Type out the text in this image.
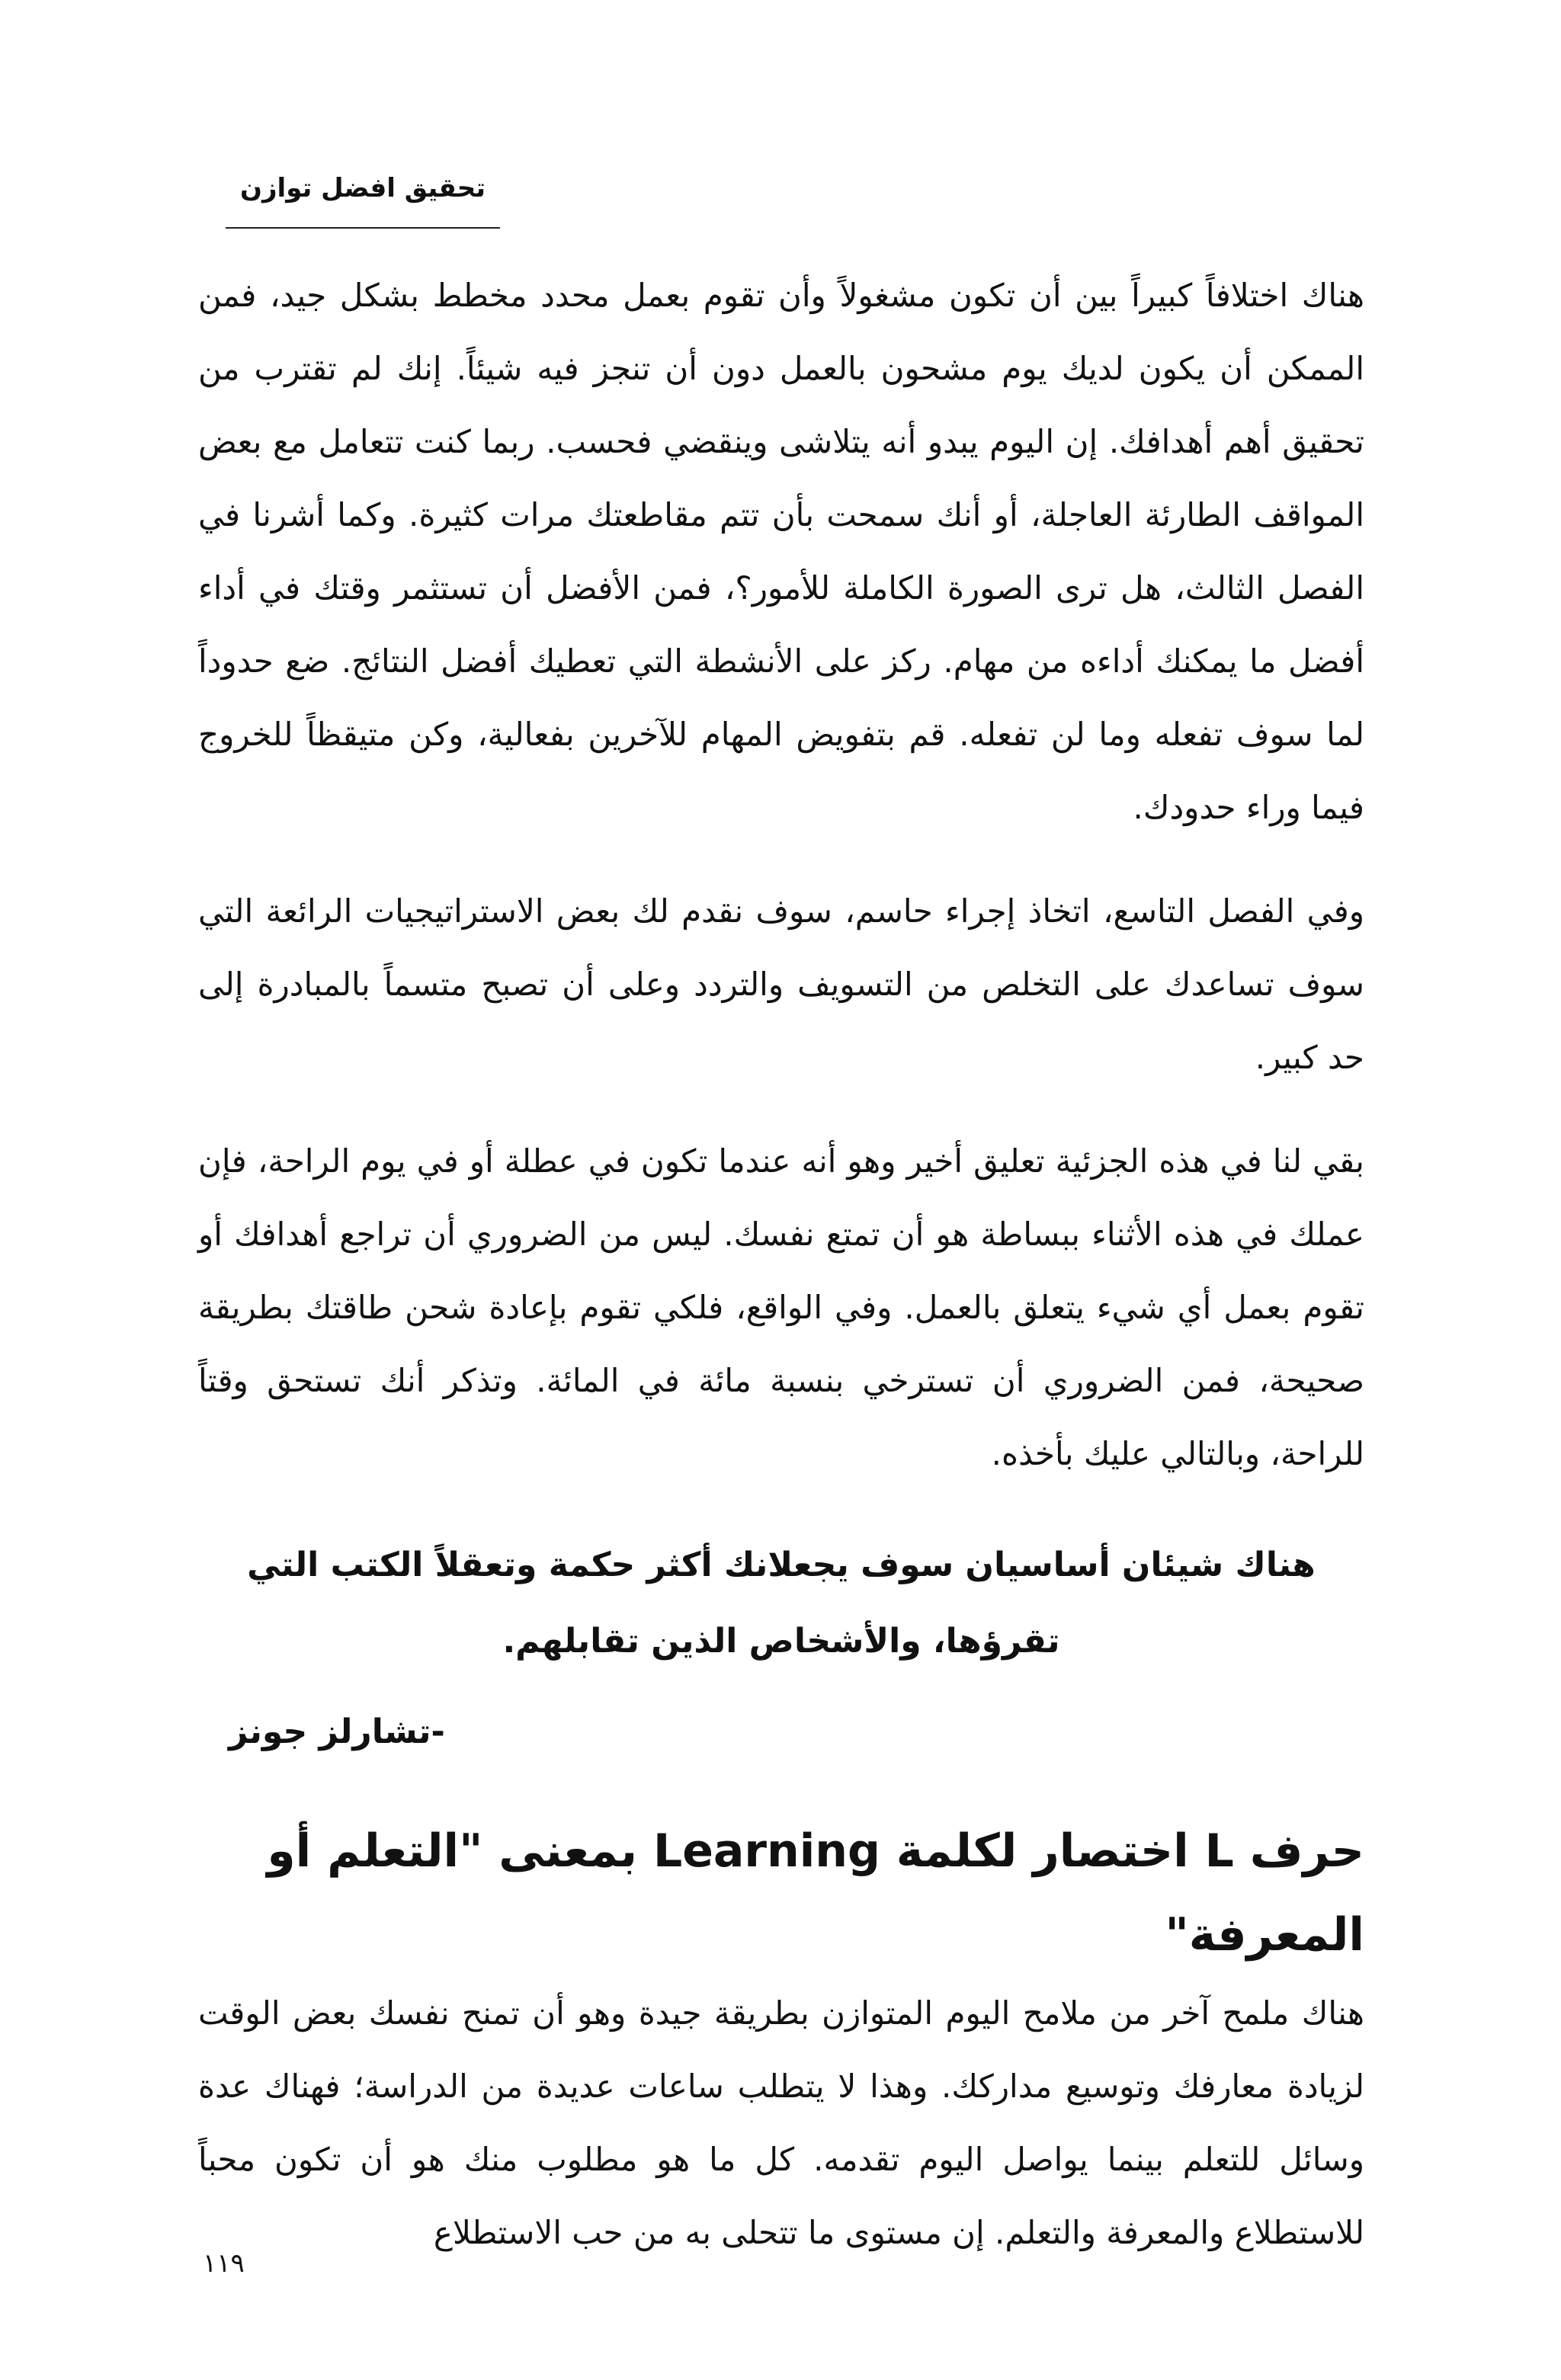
تحقيق افضل توازن

هناك اختلافاً كبيراً بين أن تكون مشغولاً وأن تقوم بعمل محدد مخطط بشكل جيد، فمن الممكن أن يكون لديك يوم مشحون بالعمل دون أن تنجز فيه شيئاً. إنك لم تقترب من تحقيق أهم أهدافك. إن اليوم يبدو أنه يتلاشى وينقضي فحسب. ربما كنت تتعامل مع بعض المواقف الطارئة العاجلة، أو أنك سمحت بأن تتم مقاطعتك مرات كثيرة. وكما أشرنا في الفصل الثالث، هل ترى الصورة الكاملة للأمور؟، فمن الأفضل أن تستثمر وقتك في أداء أفضل ما يمكنك أداءه من مهام. ركز على الأنشطة التي تعطيك أفضل النتائج. ضع حدوداً لما سوف تفعله وما لن تفعله. قم بتفويض المهام للآخرين بفعالية، وكن متيقظاً للخروج فيما وراء حدودك.

وفي الفصل التاسع، اتخاذ إجراء حاسم، سوف نقدم لك بعض الاستراتيجيات الرائعة التي سوف تساعدك على التخلص من التسويف والتردد وعلى أن تصبح متسماً بالمبادرة إلى حد كبير.

بقي لنا في هذه الجزئية تعليق أخير وهو أنه عندما تكون في عطلة أو في يوم الراحة، فإن عملك في هذه الأثناء ببساطة هو أن تمتع نفسك. ليس من الضروري أن تراجع أهدافك أو تقوم بعمل أي شيء يتعلق بالعمل. وفي الواقع، فلكي تقوم بإعادة شحن طاقتك بطريقة صحيحة، فمن الضروري أن تسترخي بنسبة مائة في المائة. وتذكر أنك تستحق وقتاً للراحة، وبالتالي عليك بأخذه.

هناك شيئان أساسيان سوف يجعلانك أكثر حكمة وتعقلاً الكتب التي تقرؤها، والأشخاص الذين تقابلهم.
-تشارلز جونز
حرف L اختصار لكلمة Learning بمعنى "التعلم أو المعرفة"

هناك ملمح آخر من ملامح اليوم المتوازن بطريقة جيدة وهو أن تمنح نفسك بعض الوقت لزيادة معارفك وتوسيع مداركك. وهذا لا يتطلب ساعات عديدة من الدراسة؛ فهناك عدة وسائل للتعلم بينما يواصل اليوم تقدمه. كل ما هو مطلوب منك هو أن تكون محباً للاستطلاع والمعرفة والتعلم. إن مستوى ما تتحلى به من حب الاستطلاع

١١٩
